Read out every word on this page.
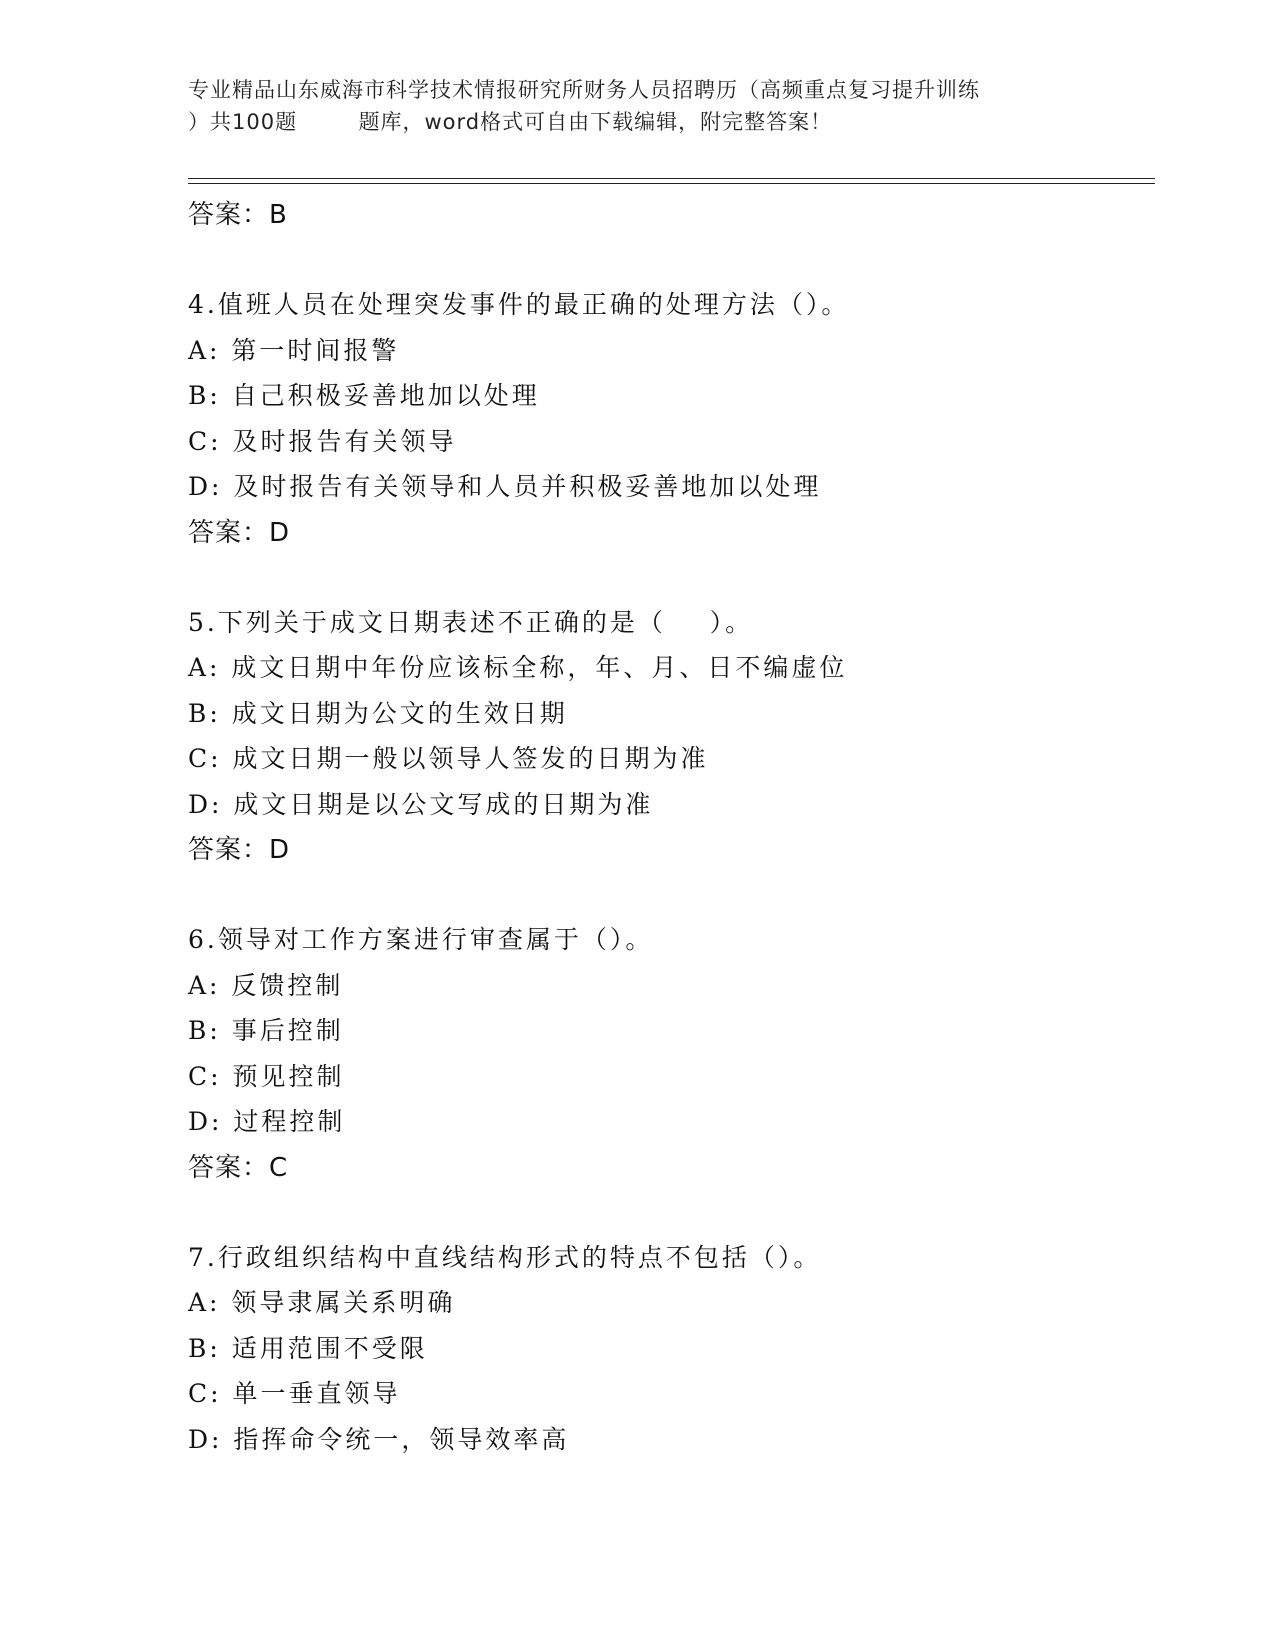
专业精品山东威海市科学技术情报研究所财务人员招聘历（高频重点复习提升训练
）共100题        题库，word格式可自由下载编辑，附完整答案！
答案：B
4.值班人员在处理突发事件的最正确的处理方法（）。
A: 第一时间报警
B: 自己积极妥善地加以处理
C: 及时报告有关领导
D: 及时报告有关领导和人员并积极妥善地加以处理
答案：D
5.下列关于成文日期表述不正确的是（    ）。
A: 成文日期中年份应该标全称，年、月、日不编虚位
B: 成文日期为公文的生效日期
C: 成文日期一般以领导人签发的日期为准
D: 成文日期是以公文写成的日期为准
答案：D
6.领导对工作方案进行审查属于（）。
A: 反馈控制
B: 事后控制
C: 预见控制
D: 过程控制
答案：C
7.行政组织结构中直线结构形式的特点不包括（）。
A: 领导隶属关系明确
B: 适用范围不受限
C: 单一垂直领导
D: 指挥命令统一，领导效率高
